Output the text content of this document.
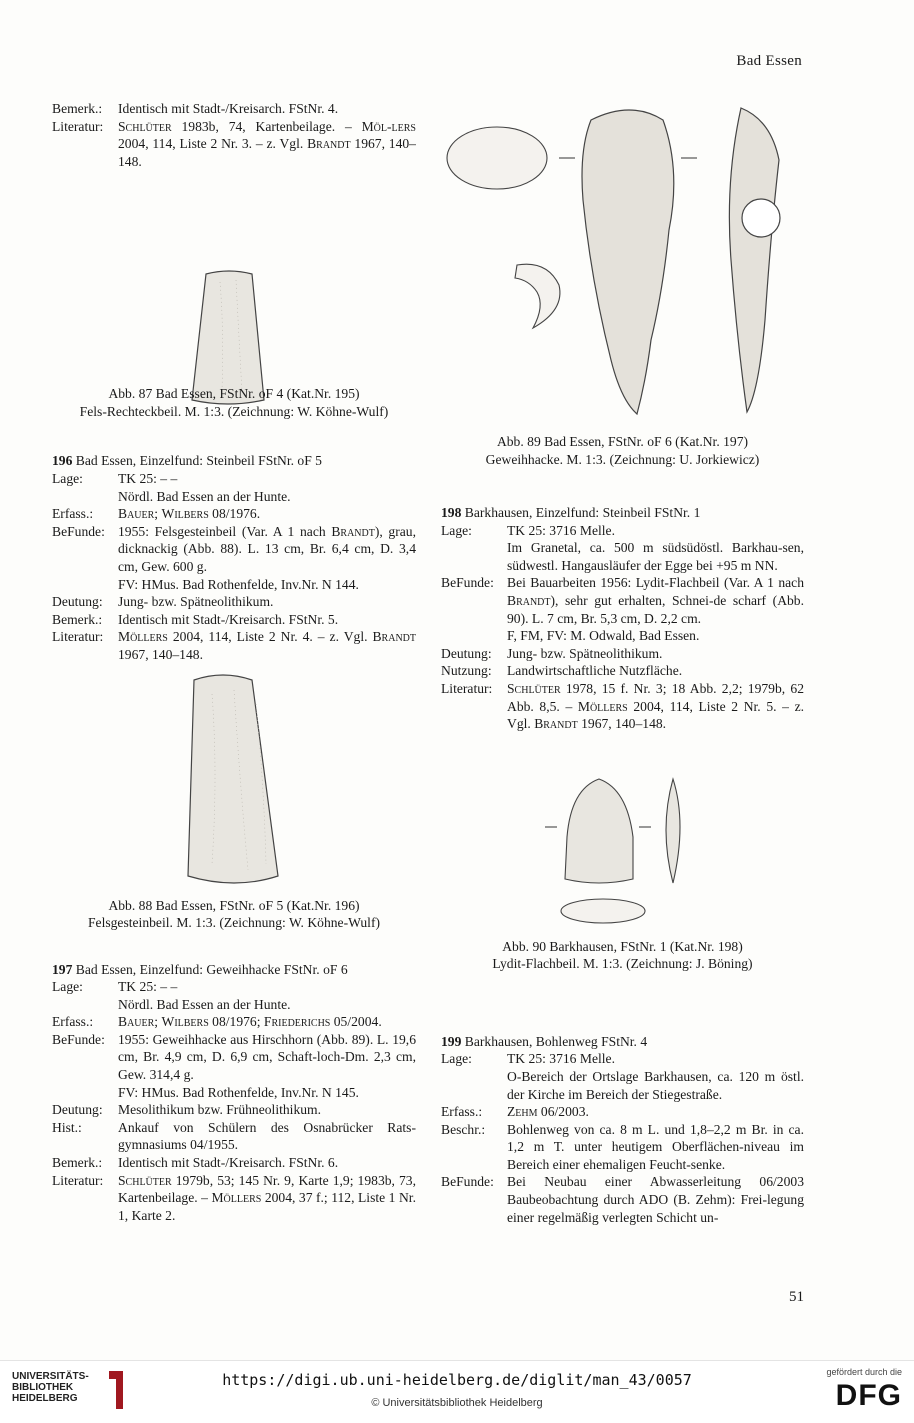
Bad Essen
Bemerk.:	Identisch mit Stadt-/Kreisarch. FStNr. 4.
Literatur:	Schlüter 1983b, 74, Kartenbeilage. – Möl-lers 2004, 114, Liste 2 Nr. 3. – z. Vgl. Brandt 1967, 140–148.
Abb. 87 Bad Essen, FStNr. oF 4 (Kat.Nr. 195)
Fels-Rechteckbeil. M. 1:3. (Zeichnung: W. Köhne-Wulf)
196 Bad Essen, Einzelfund: Steinbeil FStNr. oF 5
Lage:	TK 25: – –
Nördl. Bad Essen an der Hunte.
Erfass.:	Bauer; Wilbers 08/1976.
BeFunde: 1955: Felsgesteinbeil (Var. A 1 nach Brandt), grau, dicknackig (Abb. 88). L. 13 cm, Br. 6,4 cm, D. 3,4 cm, Gew. 600 g.
FV: HMus. Bad Rothenfelde, Inv.Nr. N 144.
Deutung:	Jung- bzw. Spätneolithikum.
Bemerk.:	Identisch mit Stadt-/Kreisarch. FStNr. 5.
Literatur:	Möllers 2004, 114, Liste 2 Nr. 4. – z. Vgl. Brandt 1967, 140–148.
Abb. 88 Bad Essen, FStNr. oF 5 (Kat.Nr. 196)
Felsgesteinbeil. M. 1:3. (Zeichnung: W. Köhne-Wulf)
197 Bad Essen, Einzelfund: Geweihhacke FStNr. oF 6
Lage:	TK 25: – –
Nördl. Bad Essen an der Hunte.
Erfass.:	Bauer; Wilbers 08/1976; Friederichs 05/2004.
BeFunde: 1955: Geweihhacke aus Hirschhorn (Abb. 89). L. 19,6 cm, Br. 4,9 cm, D. 6,9 cm, Schaft-loch-Dm. 2,3 cm, Gew. 314,4 g.
FV: HMus. Bad Rothenfelde, Inv.Nr. N 145.
Deutung:	Mesolithikum bzw. Frühneolithikum.
Hist.:	Ankauf von Schülern des Osnabrücker Rats-gymnasiums 04/1955.
Bemerk.:	Identisch mit Stadt-/Kreisarch. FStNr. 6.
Literatur:	Schlüter 1979b, 53; 145 Nr. 9, Karte 1,9; 1983b, 73, Kartenbeilage. – Möllers 2004, 37 f.; 112, Liste 1 Nr. 1, Karte 2.
Abb. 89 Bad Essen, FStNr. oF 6 (Kat.Nr. 197)
Geweihhacke. M. 1:3. (Zeichnung: U. Jorkiewicz)
198 Barkhausen, Einzelfund: Steinbeil FStNr. 1
Lage:	TK 25: 3716 Melle.
Im Granetal, ca. 500 m südsüdöstl. Barkhau-sen, südwestl. Hangausläufer der Egge bei +95 m NN.
BeFunde: Bei Bauarbeiten 1956: Lydit-Flachbeil (Var. A 1 nach Brandt), sehr gut erhalten, Schnei-de scharf (Abb. 90). L. 7 cm, Br. 5,3 cm, D. 2,2 cm.
F, FM, FV: M. Odwald, Bad Essen.
Deutung:	Jung- bzw. Spätneolithikum.
Nutzung:	Landwirtschaftliche Nutzfläche.
Literatur:	Schlüter 1978, 15 f. Nr. 3; 18 Abb. 2,2; 1979b, 62 Abb. 8,5. – Möllers 2004, 114, Liste 2 Nr. 5. – z. Vgl. Brandt 1967, 140–148.
Abb. 90 Barkhausen, FStNr. 1 (Kat.Nr. 198)
Lydit-Flachbeil. M. 1:3. (Zeichnung: J. Böning)
199 Barkhausen, Bohlenweg FStNr. 4
Lage:	TK 25: 3716 Melle.
O-Bereich der Ortslage Barkhausen, ca. 120 m östl. der Kirche im Bereich der Stiegestraße.
Erfass.:	Zehm 06/2003.
Beschr.:	Bohlenweg von ca. 8 m L. und 1,8–2,2 m Br. in ca. 1,2 m T. unter heutigem Oberflächen-niveau im Bereich einer ehemaligen Feucht-senke.
BeFunde: Bei Neubau einer Abwasserleitung 06/2003 Baubeobachtung durch ADO (B. Zehm): Frei-legung einer regelmäßig verlegten Schicht un-
51
UNIVERSITÄTS-
BIBLIOTHEK
HEIDELBERG
https://digi.ub.uni-heidelberg.de/diglit/man_43/0057
© Universitätsbibliothek Heidelberg
gefördert durch die
DFG
